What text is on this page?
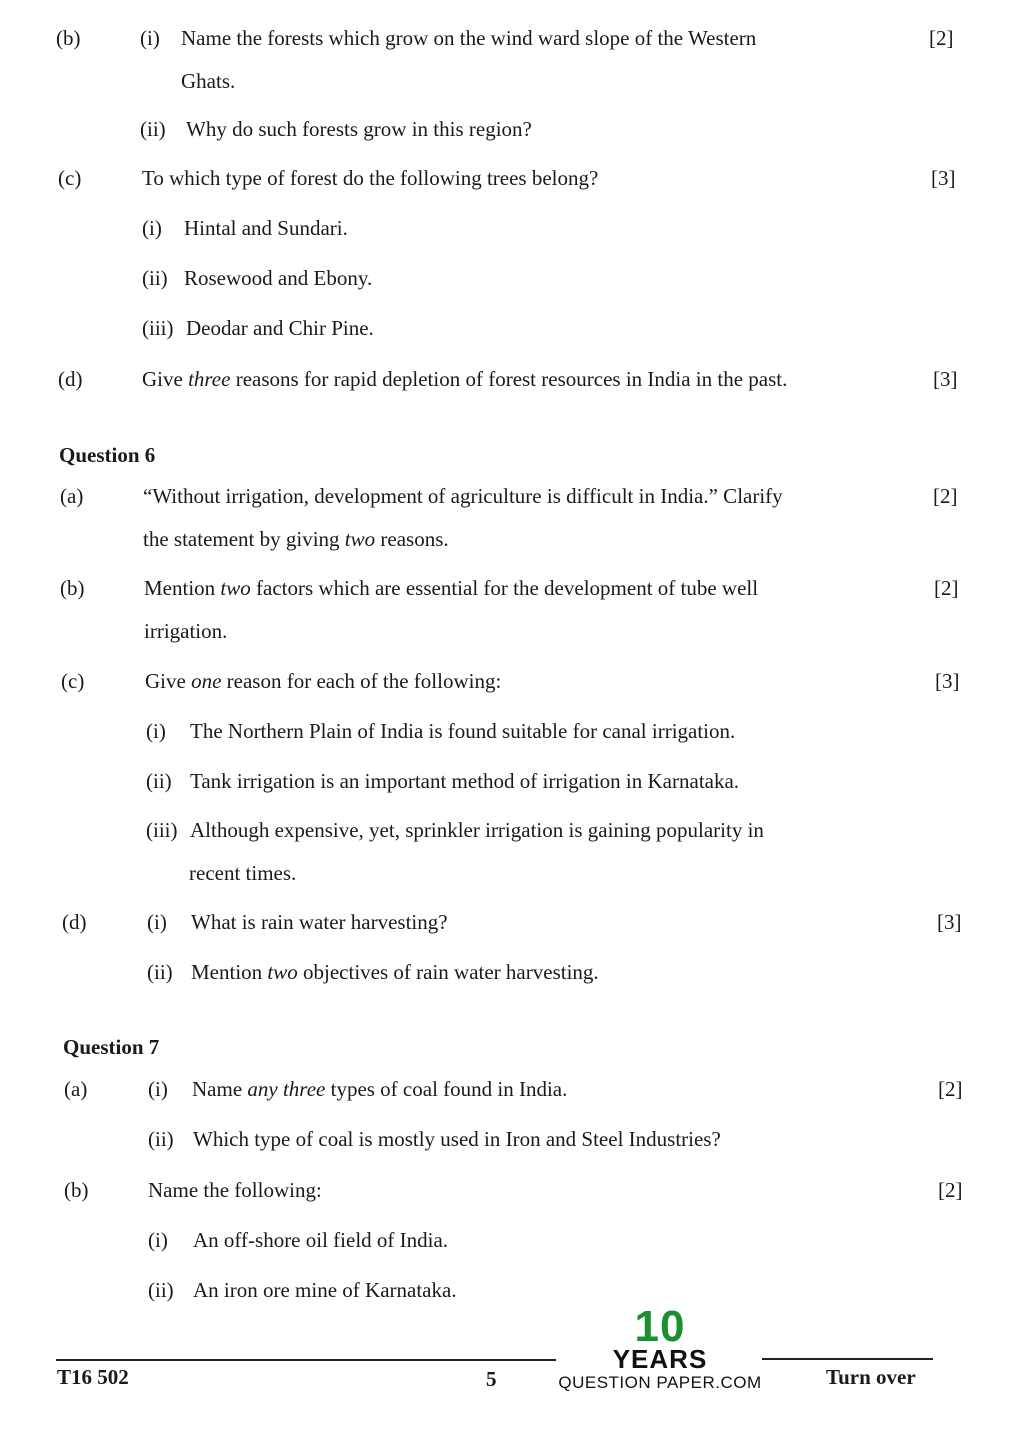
(b)	(i) Name the forests which grow on the wind ward slope of the Western	[2]
Ghats.
(ii) Why do such forests grow in this region?
(c)	To which type of forest do the following trees belong?	[3]
(i) Hintal and Sundari.
(ii) Rosewood and Ebony.
(iii) Deodar and Chir Pine.
(d)	Give three reasons for rapid depletion of forest resources in India in the past.	[3]
Question 6
(a)	“Without irrigation, development of agriculture is difficult in India.” Clarify	[2]
the statement by giving two reasons.
(b)	Mention two factors which are essential for the development of tube well	[2]
irrigation.
(c)	Give one reason for each of the following:	[3]
(i) The Northern Plain of India is found suitable for canal irrigation.
(ii) Tank irrigation is an important method of irrigation in Karnataka.
(iii) Although expensive, yet, sprinkler irrigation is gaining popularity in
recent times.
(d)	(i) What is rain water harvesting?	[3]
(ii) Mention two objectives of rain water harvesting.
Question 7
(a)	(i) Name any three types of coal found in India.	[2]
(ii) Which type of coal is mostly used in Iron and Steel Industries?
(b)	Name the following:	[2]
(i) An off-shore oil field of India.
(ii) An iron ore mine of Karnataka.
10
YEARS
QUESTION PAPER.COM
T16 502	5	Turn over
